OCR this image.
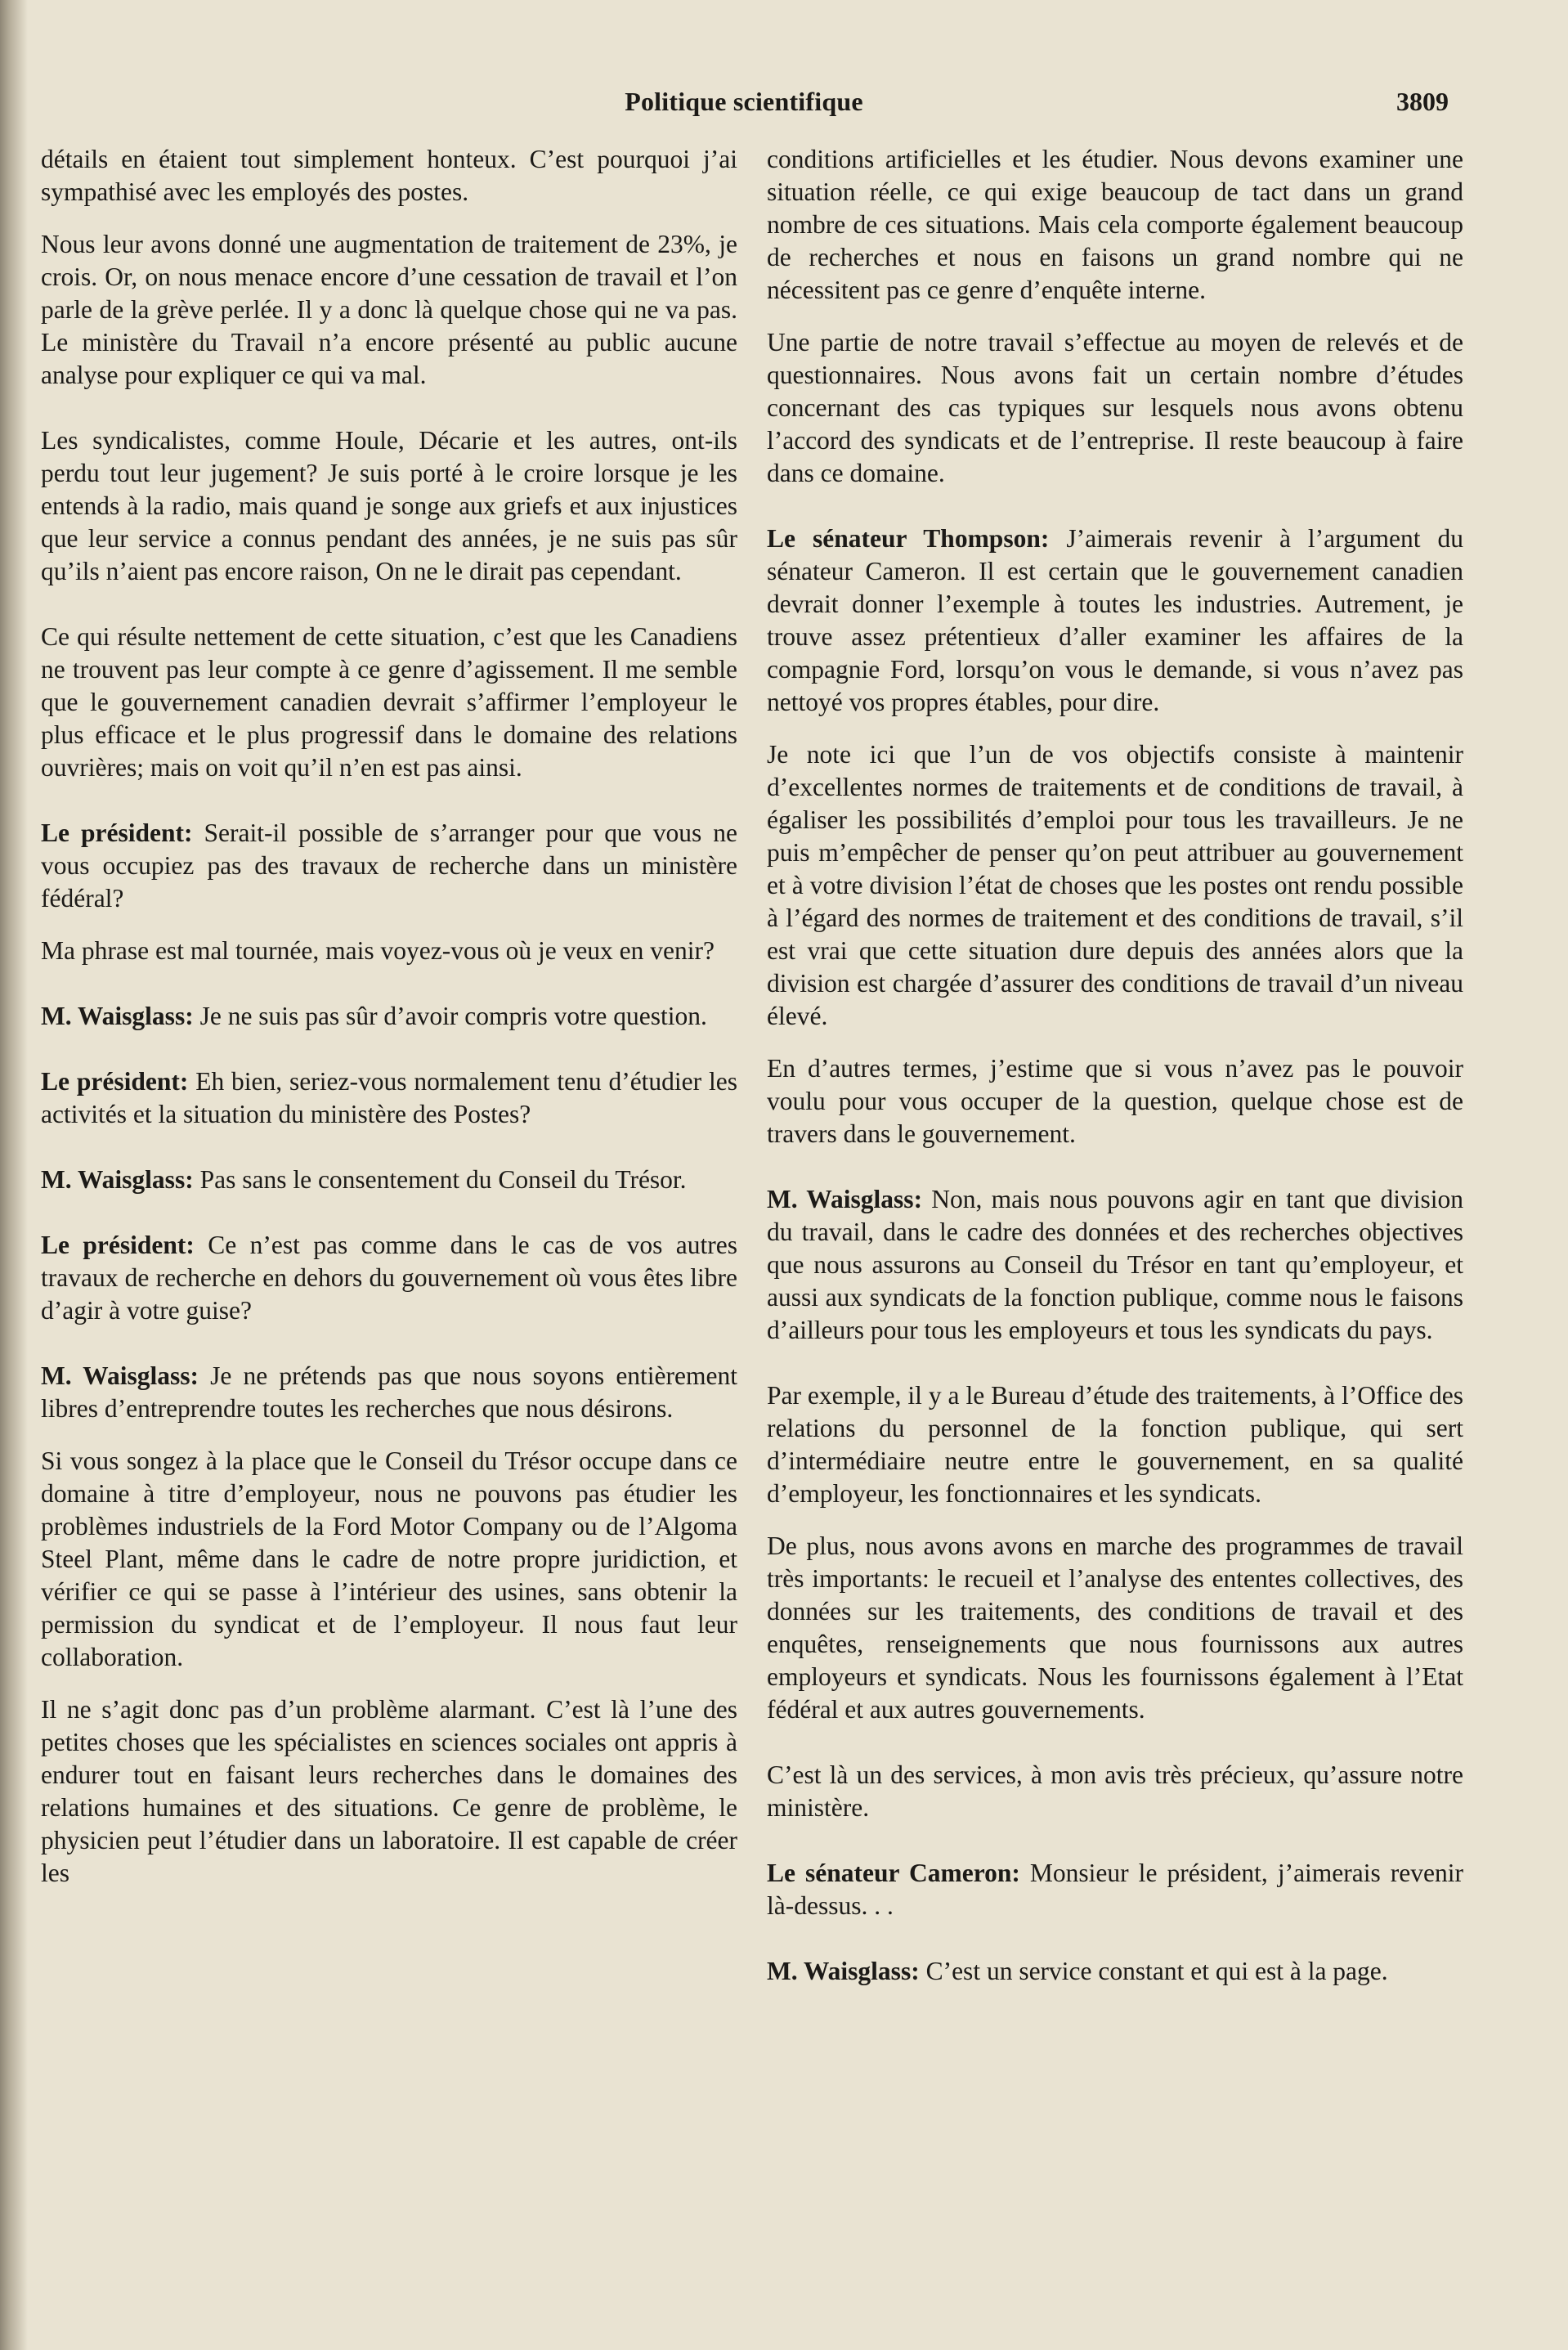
Politique scientifique	3809

détails en étaient tout simplement honteux. C’est pourquoi j’ai sympathisé avec les employés des postes.

Nous leur avons donné une augmentation de traitement de 23%, je crois. Or, on nous menace encore d’une cessation de travail et l’on parle de la grève perlée. Il y a donc là quelque chose qui ne va pas. Le ministère du Travail n’a encore présenté au public aucune analyse pour expliquer ce qui va mal.

Les syndicalistes, comme Houle, Décarie et les autres, ont-ils perdu tout leur jugement? Je suis porté à le croire lorsque je les entends à la radio, mais quand je songe aux griefs et aux injustices que leur service a connus pendant des années, je ne suis pas sûr qu’ils n’aient pas encore raison, On ne le dirait pas cependant.

Ce qui résulte nettement de cette situation, c’est que les Canadiens ne trouvent pas leur compte à ce genre d’agissement. Il me semble que le gouvernement canadien devrait s’affirmer l’employeur le plus efficace et le plus progressif dans le domaine des relations ouvrières; mais on voit qu’il n’en est pas ainsi.

Le président: Serait-il possible de s’arranger pour que vous ne vous occupiez pas des travaux de recherche dans un ministère fédéral?

Ma phrase est mal tournée, mais voyez-vous où je veux en venir?

M. Waisglass: Je ne suis pas sûr d’avoir compris votre question.

Le président: Eh bien, seriez-vous normalement tenu d’étudier les activités et la situation du ministère des Postes?

M. Waisglass: Pas sans le consentement du Conseil du Trésor.

Le président: Ce n’est pas comme dans le cas de vos autres travaux de recherche en dehors du gouvernement où vous êtes libre d’agir à votre guise?

M. Waisglass: Je ne prétends pas que nous soyons entièrement libres d’entreprendre toutes les recherches que nous désirons.

Si vous songez à la place que le Conseil du Trésor occupe dans ce domaine à titre d’employeur, nous ne pouvons pas étudier les problèmes industriels de la Ford Motor Company ou de l’Algoma Steel Plant, même dans le cadre de notre propre juridiction, et vérifier ce qui se passe à l’intérieur des usines, sans obtenir la permission du syndicat et de l’employeur. Il nous faut leur collaboration.

Il ne s’agit donc pas d’un problème alarmant. C’est là l’une des petites choses que les spécialistes en sciences sociales ont appris à endurer tout en faisant leurs recherches dans le domaines des relations humaines et des situations. Ce genre de problème, le physicien peut l’étudier dans un laboratoire. Il est capable de créer les

conditions artificielles et les étudier. Nous devons examiner une situation réelle, ce qui exige beaucoup de tact dans un grand nombre de ces situations. Mais cela comporte également beaucoup de recherches et nous en faisons un grand nombre qui ne nécessitent pas ce genre d’enquête interne.

Une partie de notre travail s’effectue au moyen de relevés et de questionnaires. Nous avons fait un certain nombre d’études concernant des cas typiques sur lesquels nous avons obtenu l’accord des syndicats et de l’entreprise. Il reste beaucoup à faire dans ce domaine.

Le sénateur Thompson: J’aimerais revenir à l’argument du sénateur Cameron. Il est certain que le gouvernement canadien devrait donner l’exemple à toutes les industries. Autrement, je trouve assez prétentieux d’aller examiner les affaires de la compagnie Ford, lorsqu’on vous le demande, si vous n’avez pas nettoyé vos propres étables, pour dire.

Je note ici que l’un de vos objectifs consiste à maintenir d’excellentes normes de traitements et de conditions de travail, à égaliser les possibilités d’emploi pour tous les travailleurs. Je ne puis m’empêcher de penser qu’on peut attribuer au gouvernement et à votre division l’état de choses que les postes ont rendu possible à l’égard des normes de traitement et des conditions de travail, s’il est vrai que cette situation dure depuis des années alors que la division est chargée d’assurer des conditions de travail d’un niveau élevé.

En d’autres termes, j’estime que si vous n’avez pas le pouvoir voulu pour vous occuper de la question, quelque chose est de travers dans le gouvernement.

M. Waisglass: Non, mais nous pouvons agir en tant que division du travail, dans le cadre des données et des recherches objectives que nous assurons au Conseil du Trésor en tant qu’employeur, et aussi aux syndicats de la fonction publique, comme nous le faisons d’ailleurs pour tous les employeurs et tous les syndicats du pays.

Par exemple, il y a le Bureau d’étude des traitements, à l’Office des relations du personnel de la fonction publique, qui sert d’intermédiaire neutre entre le gouvernement, en sa qualité d’employeur, les fonctionnaires et les syndicats.

De plus, nous avons avons en marche des programmes de travail très importants: le recueil et l’analyse des ententes collectives, des données sur les traitements, des conditions de travail et des enquêtes, renseignements que nous fournissons aux autres employeurs et syndicats. Nous les fournissons également à l’Etat fédéral et aux autres gouvernements.

C’est là un des services, à mon avis très précieux, qu’assure notre ministère.

Le sénateur Cameron: Monsieur le président, j’aimerais revenir là-dessus. . .

M. Waisglass: C’est un service constant et qui est à la page.
